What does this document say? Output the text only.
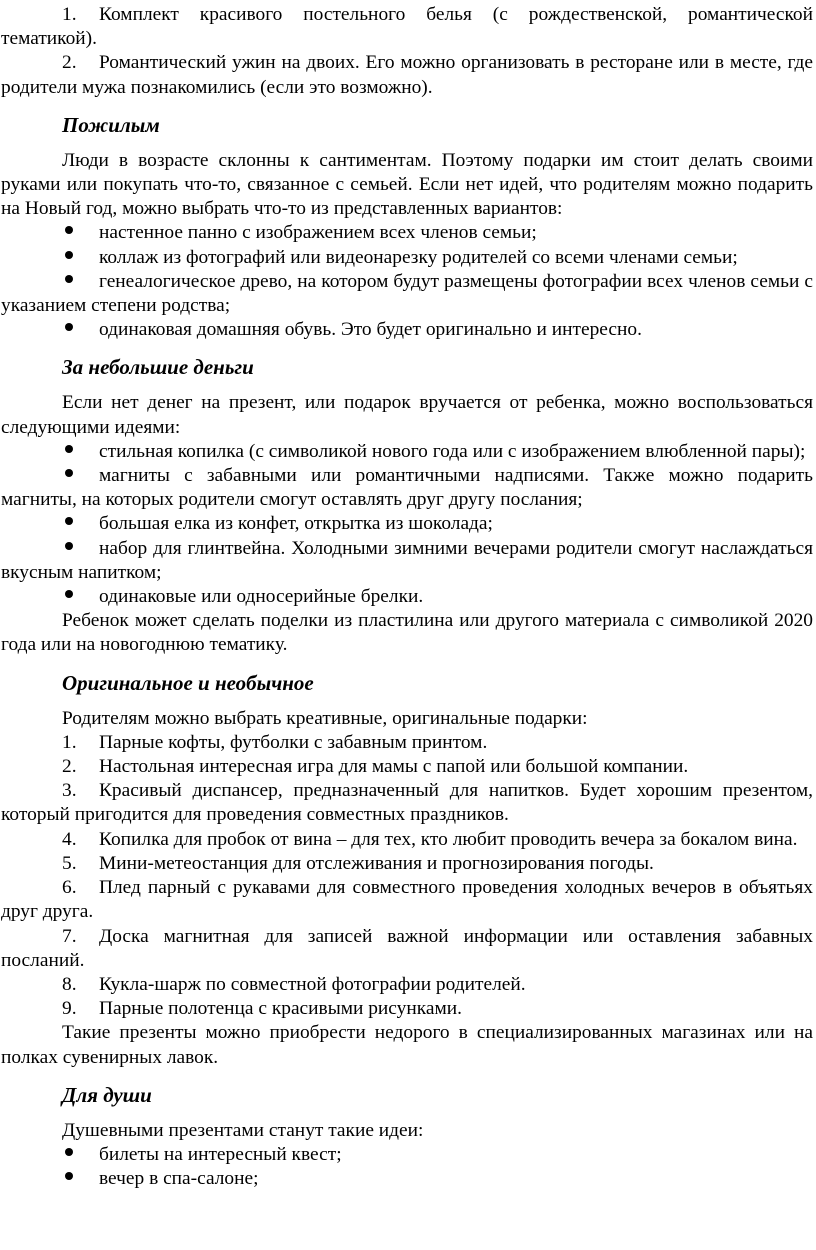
1. Комплект красивого постельного белья (с рождественской, романтической тематикой).

2. Романтический ужин на двоих. Его можно организовать в ресторане или в месте, где родители мужа познакомились (если это возможно).

Пожилым

Люди в возрасте склонны к сантиментам. Поэтому подарки им стоит делать своими руками или покупать что-то, связанное с семьей. Если нет идей, что родителям можно подарить на Новый год, можно выбрать что-то из представленных вариантов:

настенное панно с изображением всех членов семьи;

коллаж из фотографий или видеонарезку родителей со всеми членами семьи;

генеалогическое древо, на котором будут размещены фотографии всех членов семьи с указанием степени родства;

одинаковая домашняя обувь. Это будет оригинально и интересно.

За небольшие деньги

Если нет денег на презент, или подарок вручается от ребенка, можно воспользоваться следующими идеями:

стильная копилка (с символикой нового года или с изображением влюбленной пары);

магниты с забавными или романтичными надписями. Также можно подарить магниты, на которых родители смогут оставлять друг другу послания;

большая елка из конфет, открытка из шоколада;

набор для глинтвейна. Холодными зимними вечерами родители смогут наслаждаться вкусным напитком;

одинаковые или односерийные брелки.

Ребенок может сделать поделки из пластилина или другого материала с символикой 2020 года или на новогоднюю тематику.

Оригинальное и необычное

Родителям можно выбрать креативные, оригинальные подарки:

1. Парные кофты, футболки с забавным принтом.

2. Настольная интересная игра для мамы с папой или большой компании.

3. Красивый диспансер, предназначенный для напитков. Будет хорошим презентом, который пригодится для проведения совместных праздников.

4. Копилка для пробок от вина – для тех, кто любит проводить вечера за бокалом вина.

5. Мини-метеостанция для отслеживания и прогнозирования погоды.

6. Плед парный с рукавами для совместного проведения холодных вечеров в объятьях друг друга.

7. Доска магнитная для записей важной информации или оставления забавных посланий.

8. Кукла-шарж по совместной фотографии родителей.

9. Парные полотенца с красивыми рисунками.

Такие презенты можно приобрести недорого в специализированных магазинах или на полках сувенирных лавок.

Для души

Душевными презентами станут такие идеи:

билеты на интересный квест;

вечер в спа-салоне;
